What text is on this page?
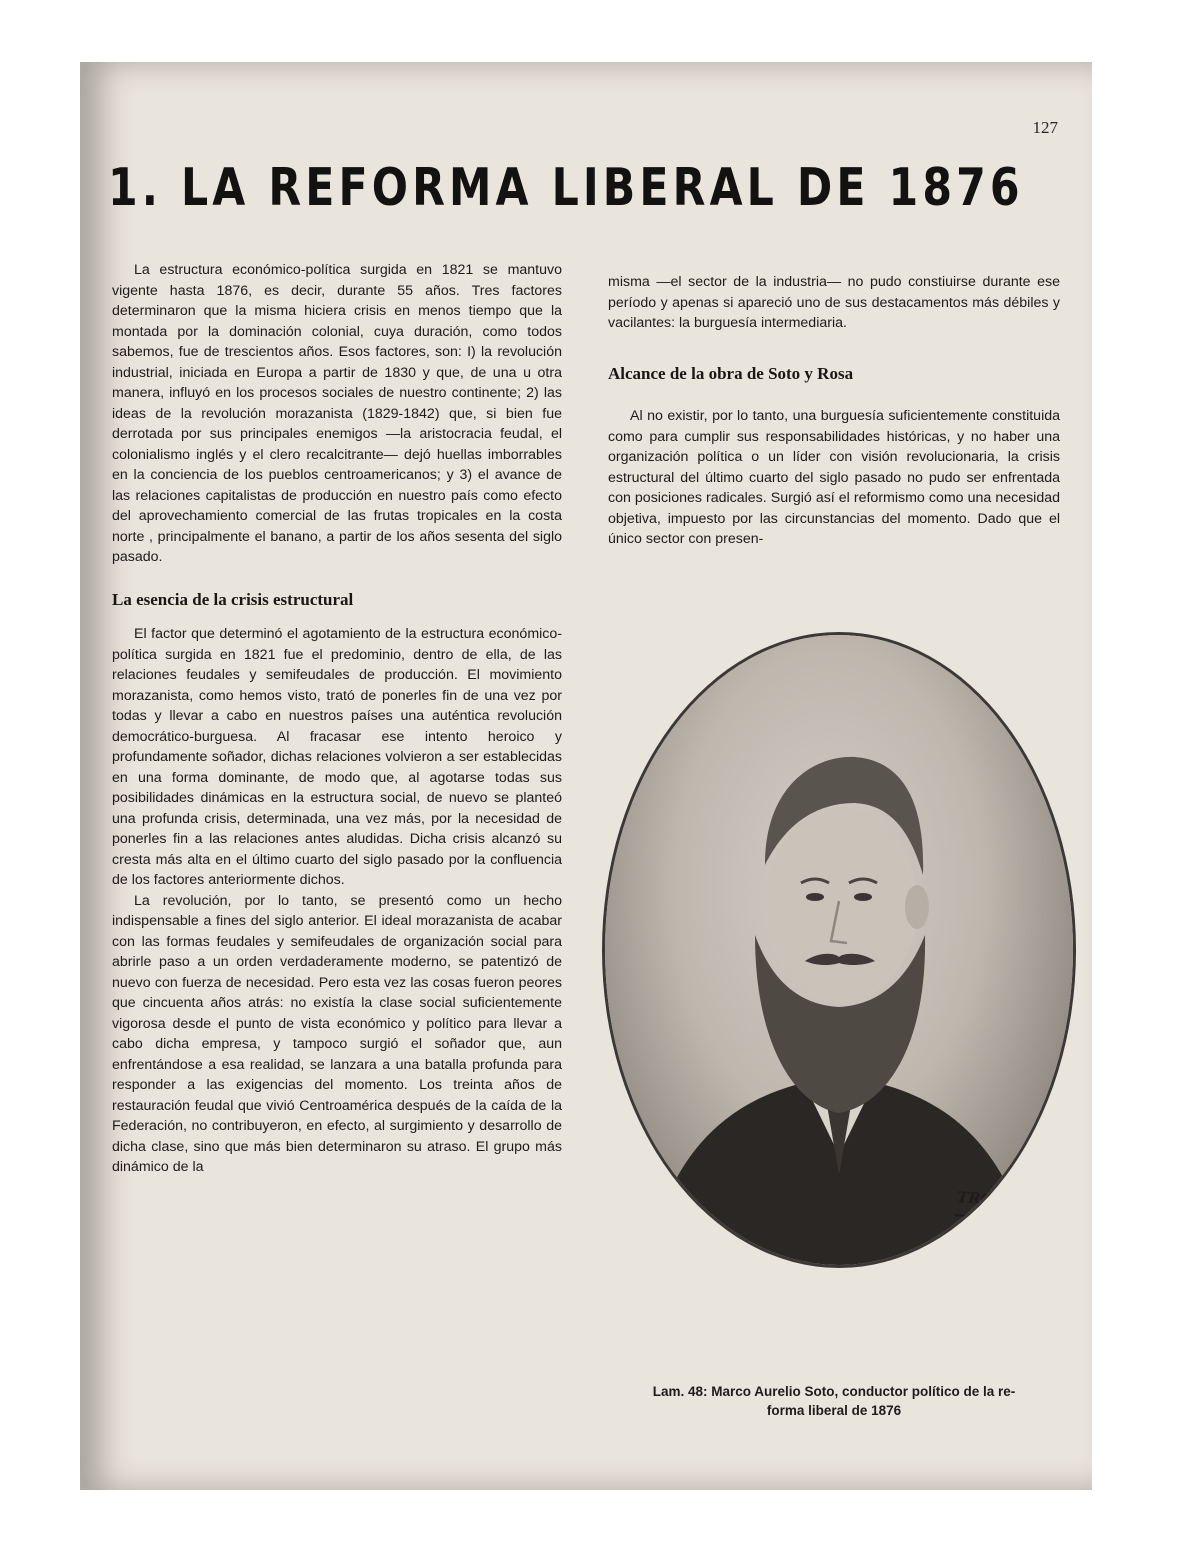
127
1. LA REFORMA LIBERAL DE 1876

La estructura económico-política surgida en 1821 se mantuvo vigente hasta 1876, es decir, durante 55 años. Tres factores determinaron que la misma hiciera crisis en menos tiempo que la montada por la dominación colonial, cuya duración, como todos sabemos, fue de trescientos años. Esos factores, son: I) la revolución industrial, iniciada en Europa a partir de 1830 y que, de una u otra manera, influyó en los procesos sociales de nuestro continente; 2) las ideas de la revolución morazanista (1829-1842) que, si bien fue derrotada por sus principales enemigos —la aristocracia feudal, el colonialismo inglés y el clero recalcitrante— dejó huellas imborrables en la conciencia de los pueblos centroamericanos; y 3) el avance de las relaciones capitalistas de producción en nuestro país como efecto del aprovechamiento comercial de las frutas tropicales en la costa norte , principalmente el banano, a partir de los años sesenta del siglo pasado.

La esencia de la crisis estructural

El factor que determinó el agotamiento de la estructura económico-política surgida en 1821 fue el predominio, dentro de ella, de las relaciones feudales y semifeudales de producción. El movimiento morazanista, como hemos visto, trató de ponerles fin de una vez por todas y llevar a cabo en nuestros países una auténtica revolución democrático-burguesa. Al fracasar ese intento heroico y profundamente soñador, dichas relaciones volvieron a ser establecidas en una forma dominante, de modo que, al agotarse todas sus posibilidades dinámicas en la estructura social, de nuevo se planteó una profunda crisis, determinada, una vez más, por la necesidad de ponerles fin a las relaciones antes aludidas. Dicha crisis alcanzó su cresta más alta en el último cuarto del siglo pasado por la confluencia de los factores anteriormente dichos.

La revolución, por lo tanto, se presentó como un hecho indispensable a fines del siglo anterior. El ideal morazanista de acabar con las formas feudales y semifeudales de organización social para abrirle paso a un orden verdaderamente moderno, se patentizó de nuevo con fuerza de necesidad. Pero esta vez las cosas fueron peores que cincuenta años atrás: no existía la clase social suficientemente vigorosa desde el punto de vista económico y político para llevar a cabo dicha empresa, y tampoco surgió el soñador que, aun enfrentándose a esa realidad, se lanzara a una batalla profunda para responder a las exigencias del momento. Los treinta años de restauración feudal que vivió Centroamérica después de la caída de la Federación, no contribuyeron, en efecto, al surgimiento y desarrollo de dicha clase, sino que más bien determinaron su atraso. El grupo más dinámico de la

misma —el sector de la industria— no pudo constiuirse durante ese período y apenas si apareció uno de sus destacamentos más débiles y vacilantes: la burguesía intermediaria.

Alcance de la obra de Soto y Rosa

Al no existir, por lo tanto, una burguesía suficientemente constituida como para cumplir sus responsabilidades históricas, y no haber una organización política o un líder con visión revolucionaria, la crisis estructural del último cuarto del siglo pasado no pudo ser enfrentada con posiciones radicales. Surgió así el reformismo como una necesidad objetiva, impuesto por las circunstancias del momento. Dado que el único sector con presen-

TRÓCHEZ
Lam. 48: Marco Aurelio Soto, conductor político de la re-
forma liberal de 1876
